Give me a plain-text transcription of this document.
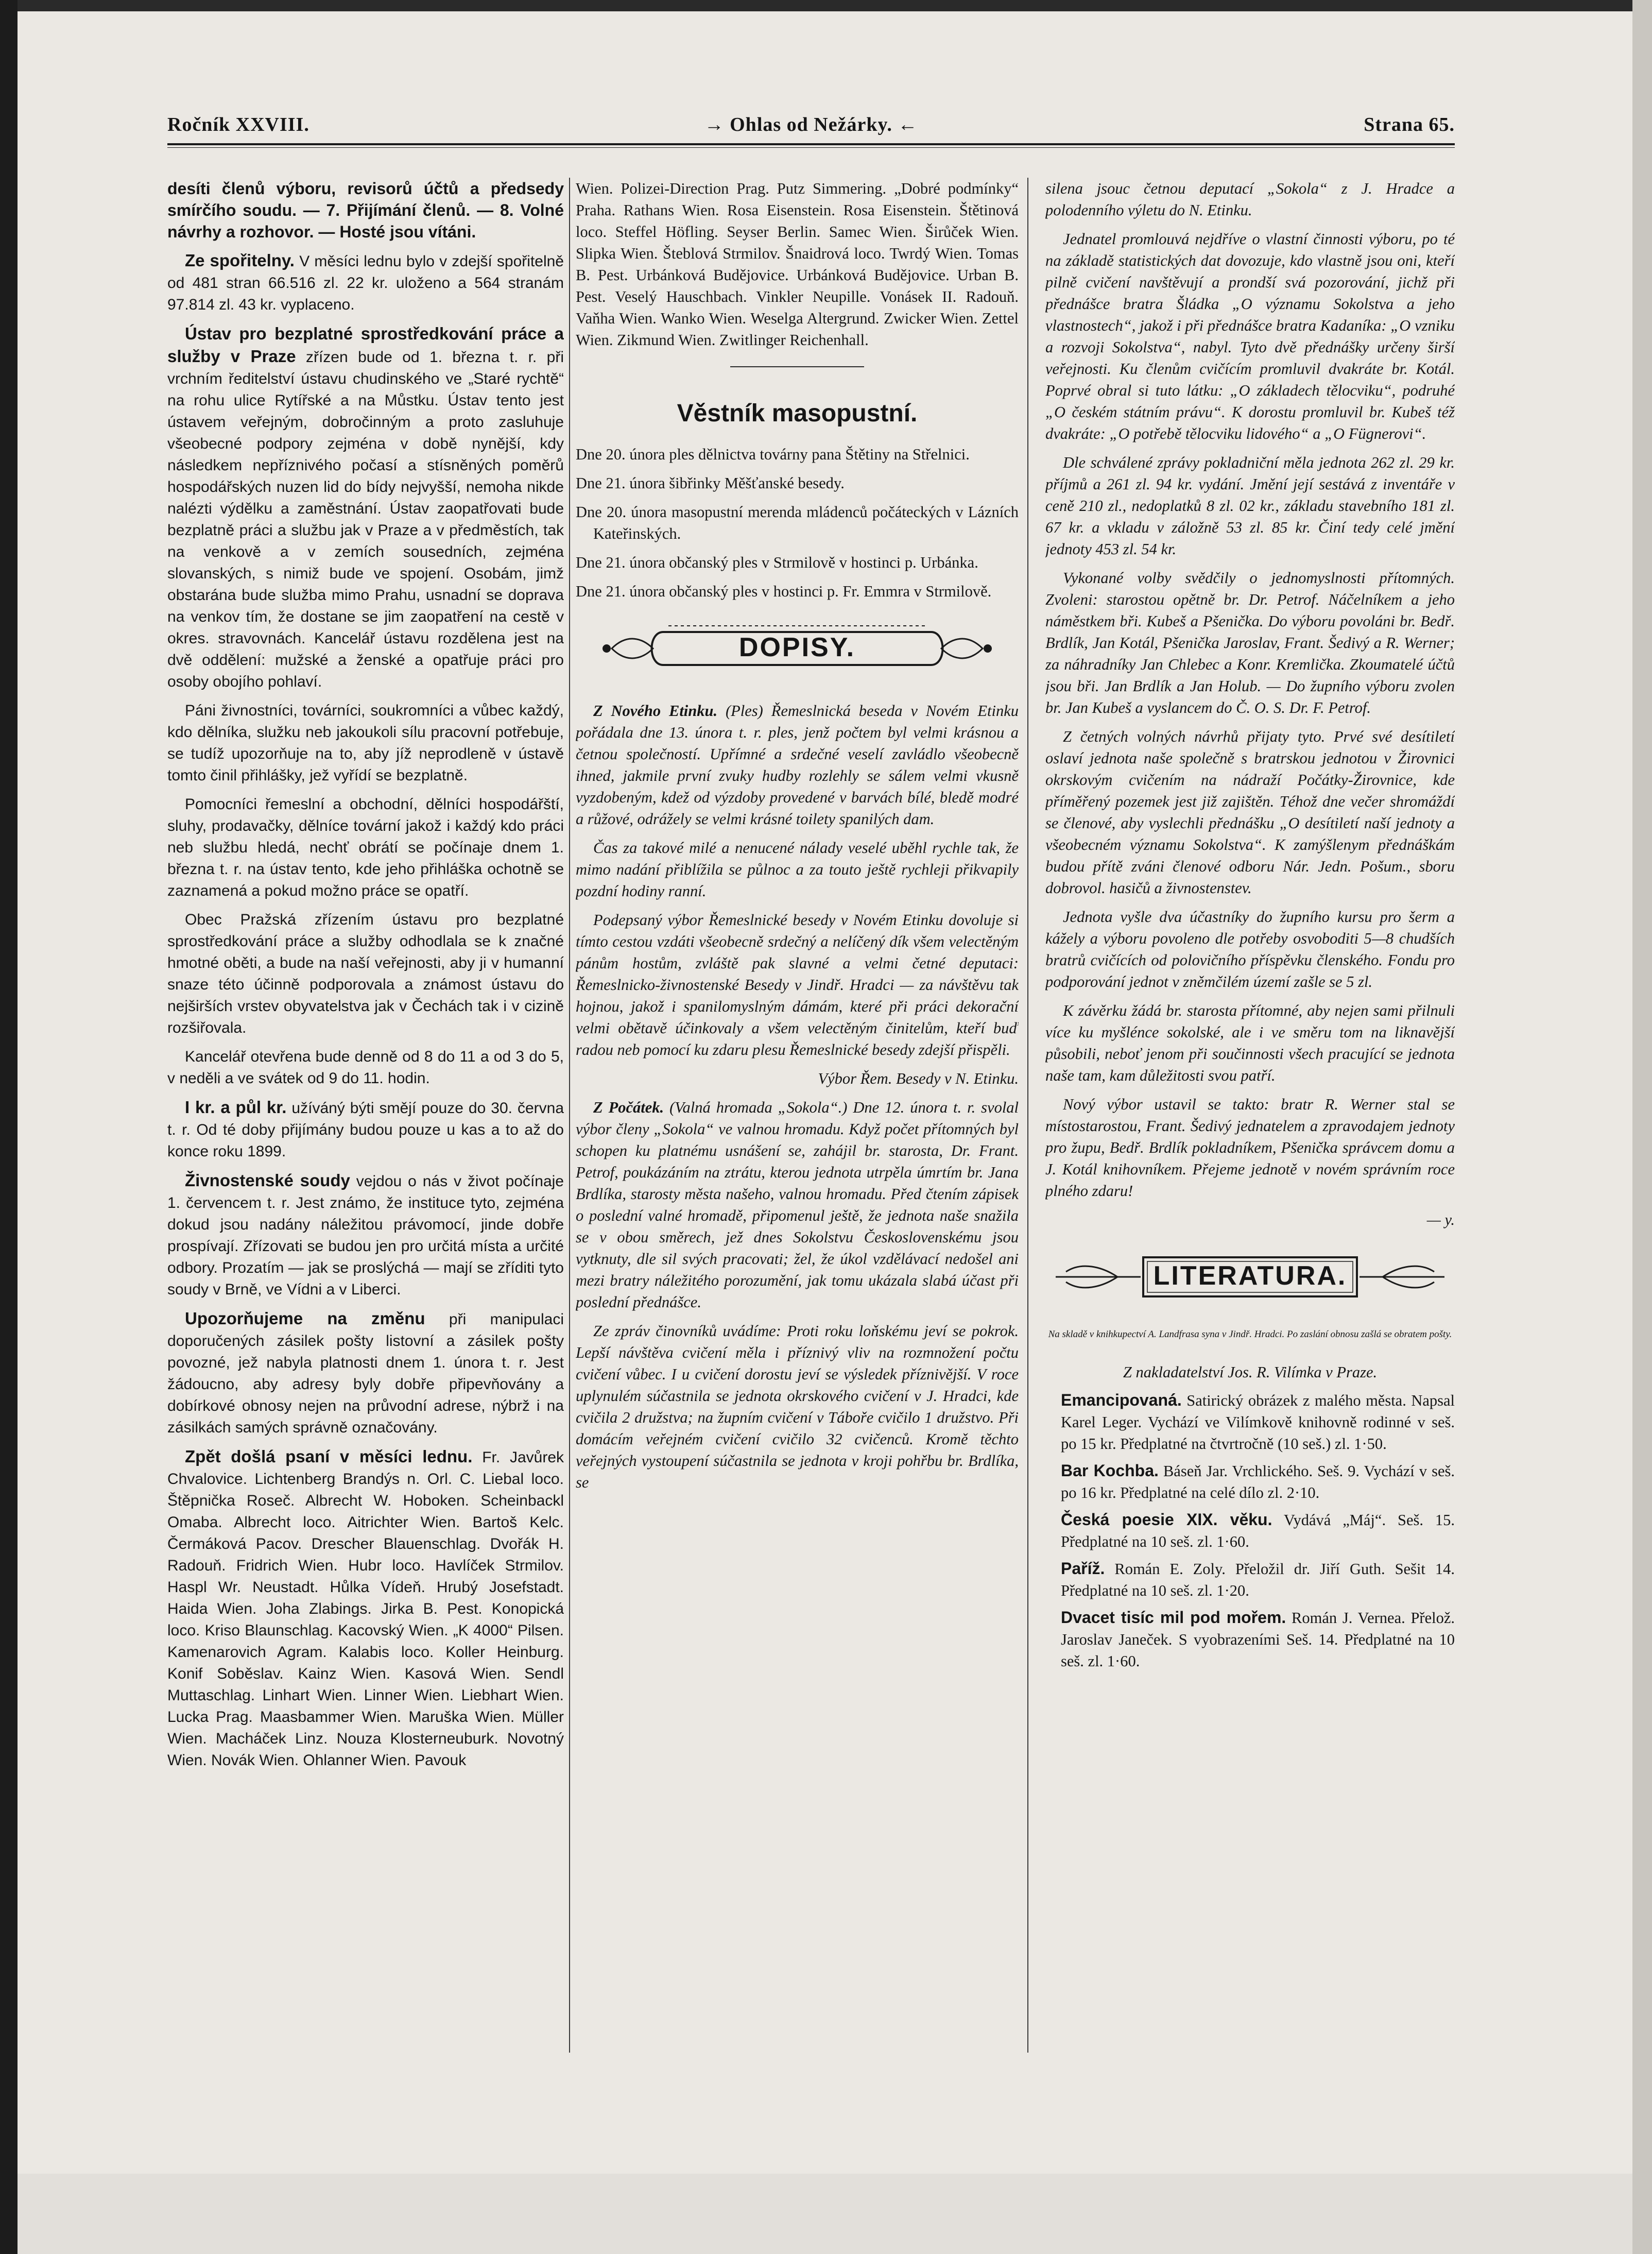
Ročník XXVIII.	→ Ohlas od Nežárky. ←	Strana 65.

desíti členů výboru, revisorů účtů a předsedy smírčího soudu. — 7. Přijímání členů. — 8. Volné návrhy a rozhovor. — Hosté jsou vítáni.

Ze spořitelny. V měsíci lednu bylo v zdejší spořitelně od 481 stran 66.516 zl. 22 kr. uloženo a 564 stranám 97.814 zl. 43 kr. vyplaceno.

Ústav pro bezplatné sprostředkování práce a služby v Praze zřízen bude od 1. března t. r. při vrchním ředitelství ústavu chudinského ve „Staré rychtě“ na rohu ulice Rytířské a na Můstku. Ústav tento jest ústavem veřejným, dobročinným a proto zasluhuje všeobecné podpory zejména v době nynější, kdy následkem nepříznivého počasí a stísněných poměrů hospodářských nuzen lid do bídy nejvyšší, nemoha nikde nalézti výdělku a zaměstnání. Ústav zaopatřovati bude bezplatně práci a službu jak v Praze a v předměstích, tak na venkově a v zemích sousedních, zejména slovanských, s nimiž bude ve spojení. Osobám, jimž obstarána bude služba mimo Prahu, usnadní se doprava na venkov tím, že dostane se jim zaopatření na cestě v okres. stravovnách. Kancelář ústavu rozdělena jest na dvě oddělení: mužské a ženské a opatřuje práci pro osoby obojího pohlaví.

Páni živnostníci, továrníci, soukromníci a vůbec každý, kdo dělníka, služku neb jakoukoli sílu pracovní potřebuje, se tudíž upozorňuje na to, aby jíž neprodleně v ústavě tomto činil přihlášky, jež vyřídí se bezplatně.

Pomocníci řemeslní a obchodní, dělníci hospodářští, sluhy, prodavačky, dělníce tovární jakož i každý kdo práci neb službu hledá, nechť obrátí se počínaje dnem 1. března t. r. na ústav tento, kde jeho přihláška ochotně se zaznamená a pokud možno práce se opatří.

Obec Pražská zřízením ústavu pro bezplatné sprostředkování práce a služby odhodlala se k značné hmotné oběti, a bude na naší veřejnosti, aby ji v humanní snaze této účinně podporovala a známost ústavu do nejširších vrstev obyvatelstva jak v Čechách tak i v cizině rozšiřovala.

Kancelář otevřena bude denně od 8 do 11 a od 3 do 5, v neděli a ve svátek od 9 do 11. hodin.

I kr. a půl kr. užíváný býti smějí pouze do 30. června t. r. Od té doby přijímány budou pouze u kas a to až do konce roku 1899.

Živnostenské soudy vejdou o nás v život počínaje 1. červencem t. r. Jest známo, že instituce tyto, zejména dokud jsou nadány náležitou právomocí, jinde dobře prospívají. Zřízovati se budou jen pro určitá místa a určité odbory. Prozatím — jak se proslýchá — mají se zříditi tyto soudy v Brně, ve Vídni a v Liberci.

Upozorňujeme na změnu při manipulaci doporučených zásilek pošty listovní a zásilek pošty povozné, jež nabyla platnosti dnem 1. února t. r. Jest žádoucno, aby adresy byly dobře připevňovány a dobírkové obnosy nejen na průvodní adrese, nýbrž i na zásilkách samých správně označovány.

Zpět došlá psaní v měsíci lednu. Fr. Javůrek Chvalovice. Lichtenberg Brandýs n. Orl. C. Liebal loco. Štěpnička Roseč. Albrecht W. Hoboken. Scheinbackl Omaba. Albrecht loco. Aitrichter Wien. Bartoš Kelc. Čermáková Pacov. Drescher Blauenschlag. Dvořák H. Radouň. Fridrich Wien. Hubr loco. Havlíček Strmilov. Haspl Wr. Neustadt. Hůlka Vídeň. Hrubý Josefstadt. Haida Wien. Joha Zlabings. Jirka B. Pest. Konopická loco. Kriso Blaunschlag. Kacovský Wien. „K 4000“ Pilsen. Kamenarovich Agram. Kalabis loco. Koller Heinburg. Konif Soběslav. Kainz Wien. Kasová Wien. Sendl Muttaschlag. Linhart Wien. Linner Wien. Liebhart Wien. Lucka Prag. Maasbammer Wien. Maruška Wien. Müller Wien. Macháček Linz. Nouza Klosterneuburk. Novotný Wien. Novák Wien. Ohlanner Wien. Pavouk

Wien. Polizei-Direction Prag. Putz Simmering. „Dobré podmínky“ Praha. Rathans Wien. Rosa Eisenstein. Rosa Eisenstein. Štětinová loco. Steffel Höfling. Seyser Berlin. Samec Wien. Širůček Wien. Slipka Wien. Šteblová Strmilov. Šnaidrová loco. Twrdý Wien. Tomas B. Pest. Urbánková Budějovice. Urbánková Budějovice. Urban B. Pest. Veselý Hauschbach. Vinkler Neupille. Vonásek II. Radouň. Vaňha Wien. Wanko Wien. Weselga Altergrund. Zwicker Wien. Zettel Wien. Zikmund Wien. Zwitlinger Reichenhall.

Věstník masopustní.

Dne 20. února ples dělnictva továrny pana Štětiny na Střelnici.

Dne 21. února šibřinky Měšťanské besedy.

Dne 20. února masopustní merenda mládenců počáteckých v Lázních Kateřinských.

Dne 21. února občanský ples v Strmilově v hostinci p. Urbánka.

Dne 21. února občanský ples v hostinci p. Fr. Emmra v Strmilově.

DOPISY.

Z Nového Etinku. (Ples) Řemeslnická beseda v Novém Etinku pořádala dne 13. února t. r. ples, jenž počtem byl velmi krásnou a četnou společností. Upřímné a srdečné veselí zavládlo všeobecně ihned, jakmile první zvuky hudby rozlehly se sálem velmi vkusně vyzdobeným, kdež od výzdoby provedené v barvách bílé, bledě modré a růžové, odrážely se velmi krásné toilety spanilých dam.

Čas za takové milé a nenucené nálady veselé uběhl rychle tak, že mimo nadání přiblížila se půlnoc a za touto ještě rychleji přikvapily pozdní hodiny ranní.

Podepsaný výbor Řemeslnické besedy v Novém Etinku dovoluje si tímto cestou vzdáti všeobecně srdečný a nelíčený dík všem velectěným pánům hostům, zvláště pak slavné a velmi četné deputaci: Řemeslnicko-živnostenské Besedy v Jindř. Hradci — za návštěvu tak hojnou, jakož i spanilomyslným dámám, které při práci dekorační velmi obětavě účinkovaly a všem velectěným činitelům, kteří buď radou neb pomocí ku zdaru plesu Řemeslnické besedy zdejší přispěli.

Výbor Řem. Besedy v N. Etinku.

Z Počátek. (Valná hromada „Sokola“.) Dne 12. února t. r. svolal výbor členy „Sokola“ ve valnou hromadu. Když počet přítomných byl schopen ku platnému usnášení se, zahájil br. starosta, Dr. Frant. Petrof, poukázáním na ztrátu, kterou jednota utrpěla úmrtím br. Jana Brdlíka, starosty města našeho, valnou hromadu. Před čtením zápisek o poslední valné hromadě, připomenul ještě, že jednota naše snažila se v obou směrech, jež dnes Sokolstvu Československému jsou vytknuty, dle sil svých pracovati; žel, že úkol vzdělávací nedošel ani mezi bratry náležitého porozumění, jak tomu ukázala slabá účast při poslední přednášce.

Ze zpráv činovníků uvádíme: Proti roku loňskému jeví se pokrok. Lepší návštěva cvičení měla i příznivý vliv na rozmnožení počtu cvičení vůbec. I u cvičení dorostu jeví se výsledek příznivější. V roce uplynulém súčastnila se jednota okrskového cvičení v J. Hradci, kde cvičila 2 družstva; na župním cvičení v Táboře cvičilo 1 družstvo. Při domácím veřejném cvičení cvičilo 32 cvičenců. Kromě těchto veřejných vystoupení súčastnila se jednota v kroji pohřbu br. Brdlíka, se

silena jsouc četnou deputací „Sokola“ z J. Hradce a polodenního výletu do N. Etinku.

Jednatel promlouvá nejdříve o vlastní činnosti výboru, po té na základě statistických dat dovozuje, kdo vlastně jsou oni, kteří pilně cvičení navštěvují a prondší svá pozorování, jichž při přednášce bratra Šládka „O významu Sokolstva a jeho vlastnostech“, jakož i při přednášce bratra Kadaníka: „O vzniku a rozvoji Sokolstva“, nabyl. Tyto dvě přednášky určeny širší veřejnosti. Ku členům cvičícím promluvil dvakráte br. Kotál. Poprvé obral si tuto látku: „O základech tělocviku“, podruhé „O českém státním právu“. K dorostu promluvil br. Kubeš též dvakráte: „O potřebě tělocviku lidového“ a „O Fügnerovi“.

Dle schválené zprávy pokladniční měla jednota 262 zl. 29 kr. příjmů a 261 zl. 94 kr. vydání. Jmění její sestává z inventáře v ceně 210 zl., nedoplatků 8 zl. 02 kr., základu stavebního 181 zl. 67 kr. a vkladu v záložně 53 zl. 85 kr. Činí tedy celé jmění jednoty 453 zl. 54 kr.

Vykonané volby svědčily o jednomyslnosti přítomných. Zvoleni: starostou opětně br. Dr. Petrof. Náčelníkem a jeho náměstkem bři. Kubeš a Pšenička. Do výboru povoláni br. Bedř. Brdlík, Jan Kotál, Pšenička Jaroslav, Frant. Šedivý a R. Werner; za náhradníky Jan Chlebec a Konr. Kremlička. Zkoumatelé účtů jsou bři. Jan Brdlík a Jan Holub. — Do župního výboru zvolen br. Jan Kubeš a vyslancem do Č. O. S. Dr. F. Petrof.

Z četných volných návrhů přijaty tyto. Prvé své desítiletí oslaví jednota naše společně s bratrskou jednotou v Žirovnici okrskovým cvičením na nádraží Počátky-Žirovnice, kde příměřený pozemek jest již zajištěn. Téhož dne večer shromáždí se členové, aby vyslechli přednášku „O desítiletí naší jednoty a všeobecném významu Sokolstva“. K zamýšlenym přednáškám budou přítě zváni členové odboru Nár. Jedn. Pošum., sboru dobrovol. hasičů a živnostenstev.

Jednota vyšle dva účastníky do župního kursu pro šerm a kážely a výboru povoleno dle potřeby osvoboditi 5—8 chudších bratrů cvičících od polovičního příspěvku členského. Fondu pro podporování jednot v zněmčilém území zašle se 5 zl.

K závěrku žádá br. starosta přítomné, aby nejen sami přilnuli více ku myšlénce sokolské, ale i ve směru tom na liknavější působili, neboť jenom při součinnosti všech pracující se jednota naše tam, kam důležitosti svou patří.

Nový výbor ustavil se takto: bratr R. Werner stal se místostarostou, Frant. Šedivý jednatelem a zpravodajem jednoty pro župu, Bedř. Brdlík pokladníkem, Pšenička správcem domu a J. Kotál knihovníkem. Přejeme jednotě v novém správním roce plného zdaru!

— y.

LITERATURA.
Na skladě v knihkupectví A. Landfrasa syna v Jindř. Hradci. Po zaslání obnosu zašlá se obratem pošty.

Z nakladatelství Jos. R. Vilímka v Praze.

Emancipovaná. Satirický obrázek z malého města. Napsal Karel Leger. Vychází ve Vilímkově knihovně rodinné v seš. po 15 kr. Předplatné na čtvrtročně (10 seš.) zl. 1·50.

Bar Kochba. Báseň Jar. Vrchlického. Seš. 9. Vychází v seš. po 16 kr. Předplatné na celé dílo zl. 2·10.

Česká poesie XIX. věku. Vydává „Máj“. Seš. 15. Předplatné na 10 seš. zl. 1·60.

Paříž. Román E. Zoly. Přeložil dr. Jiří Guth. Sešit 14. Předplatné na 10 seš. zl. 1·20.

Dvacet tisíc mil pod mořem. Román J. Vernea. Přelož. Jaroslav Janeček. S vyobrazeními Seš. 14. Předplatné na 10 seš. zl. 1·60.
